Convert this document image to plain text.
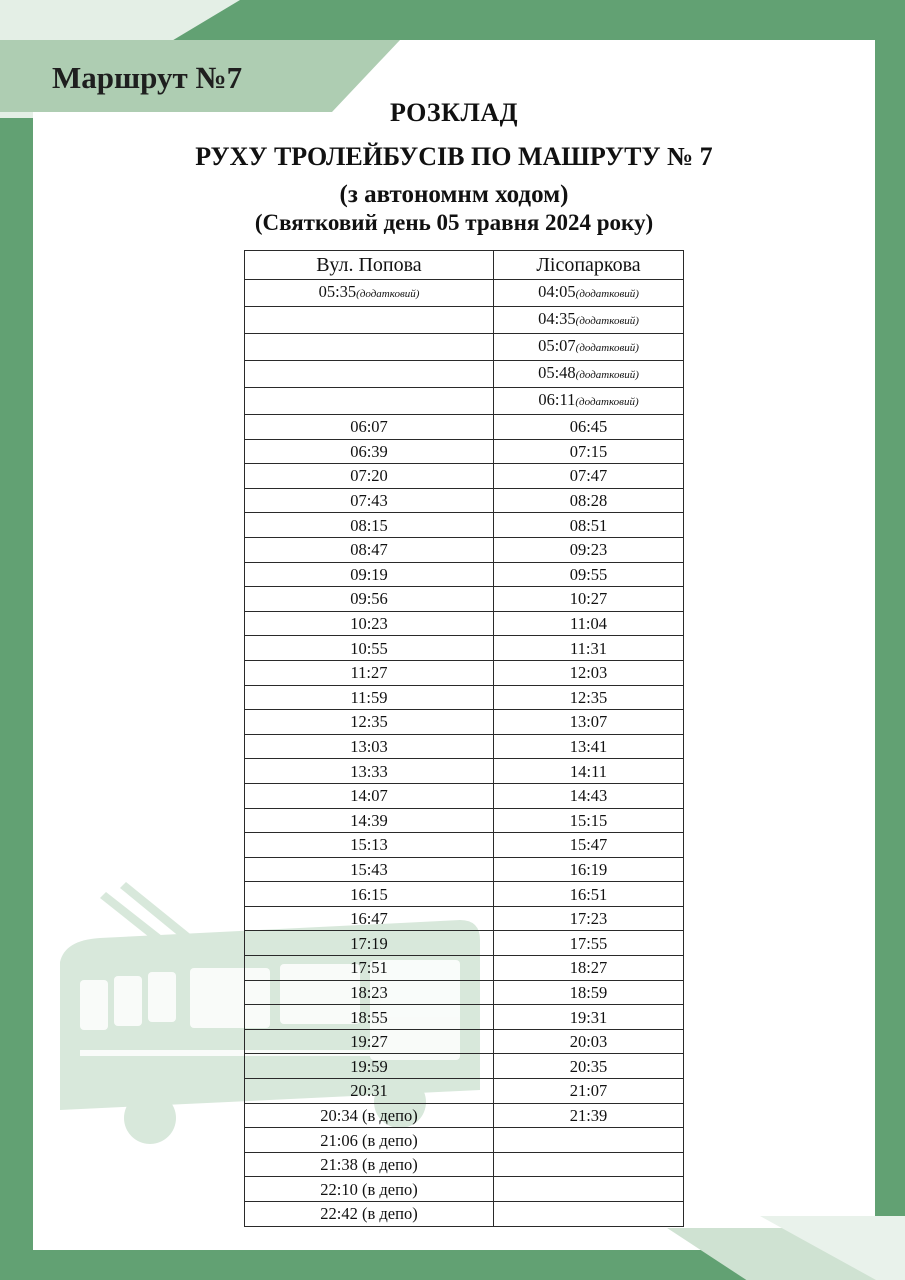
Маршрут №7
РОЗКЛАД
РУХУ ТРОЛЕЙБУСІВ ПО МАШРУТУ № 7
(з автономнм ходом)
(Святковий день 05 травня 2024 року)
Вул. Попова	Лісопаркова
05:35(додатковий)	04:05(додатковий)
	04:35(додатковий)
	05:07(додатковий)
	05:48(додатковий)
	06:11(додатковий)
06:07	06:45
06:39	07:15
07:20	07:47
07:43	08:28
08:15	08:51
08:47	09:23
09:19	09:55
09:56	10:27
10:23	11:04
10:55	11:31
11:27	12:03
11:59	12:35
12:35	13:07
13:03	13:41
13:33	14:11
14:07	14:43
14:39	15:15
15:13	15:47
15:43	16:19
16:15	16:51
16:47	17:23
17:19	17:55
17:51	18:27
18:23	18:59
18:55	19:31
19:27	20:03
19:59	20:35
20:31	21:07
20:34 (в депо)	21:39
21:06 (в депо)	
21:38 (в депо)	
22:10 (в депо)	
22:42 (в депо)	
